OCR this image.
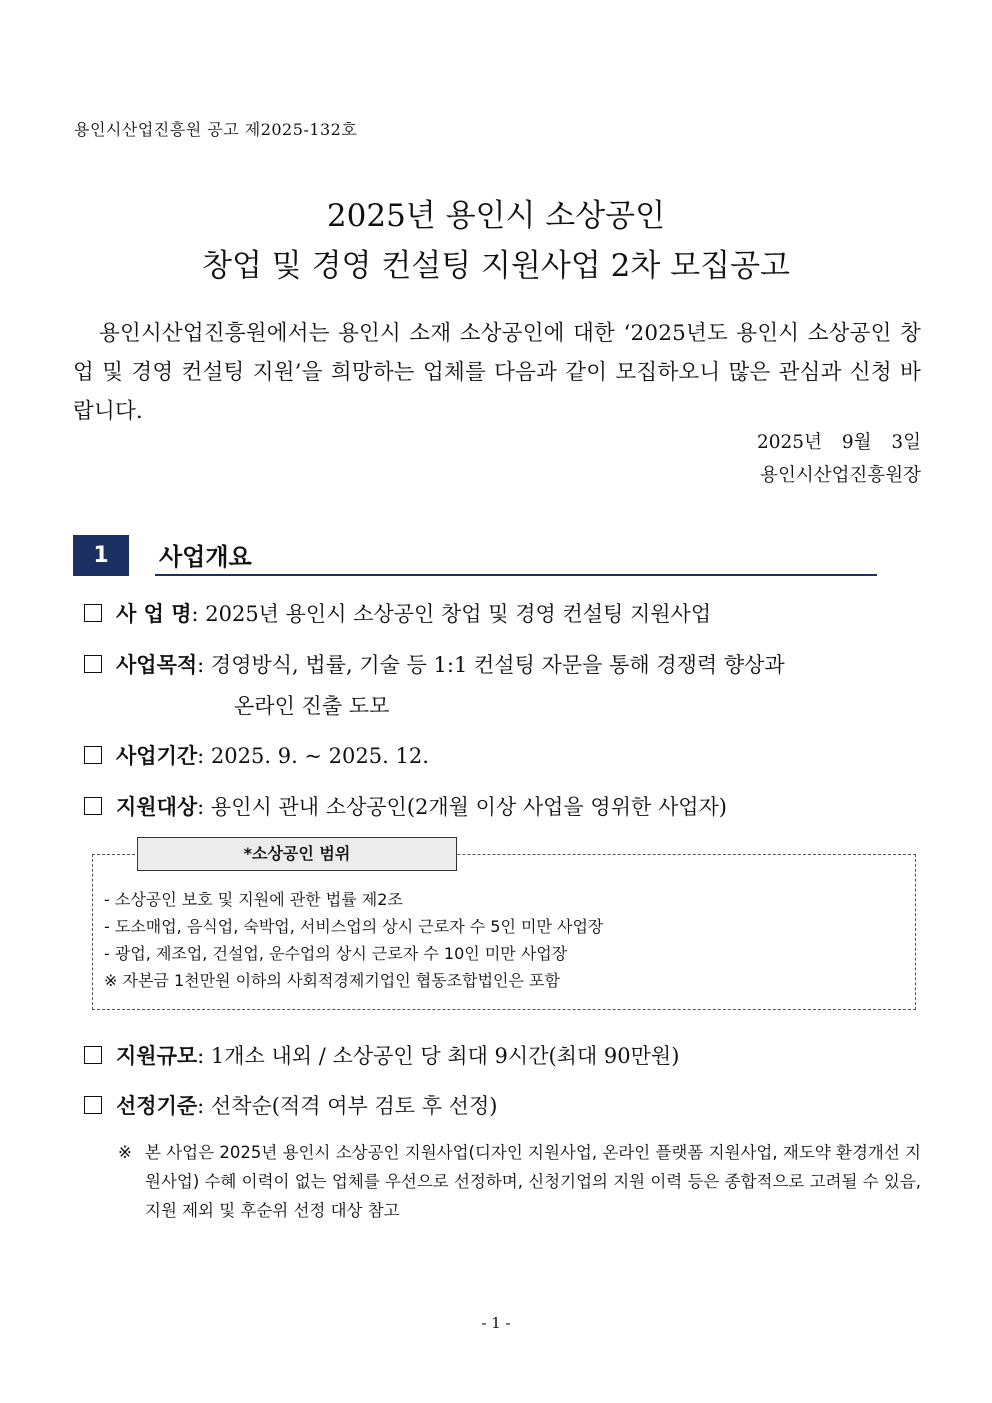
용인시산업진흥원 공고 제2025-132호
2025년 용인시 소상공인
창업 및 경영 컨설팅 지원사업 2차 모집공고
용인시산업진흥원에서는 용인시 소재 소상공인에 대한 ‘2025년도 용인시 소상공인 창업 및 경영 컨설팅 지원’을 희망하는 업체를 다음과 같이 모집하오니 많은 관심과 신청 바랍니다.
2025년 9월 3일
용인시산업진흥원장
1	사업개요
사 업 명: 2025년 용인시 소상공인 창업 및 경영 컨설팅 지원사업
사업목적: 경영방식, 법률, 기술 등 1:1 컨설팅 자문을 통해 경쟁력 향상과
온라인 진출 도모
사업기간: 2025. 9. ~ 2025. 12.
지원대상: 용인시 관내 소상공인(2개월 이상 사업을 영위한 사업자)
*소상공인 범위
- 소상공인 보호 및 지원에 관한 법률 제2조
- 도소매업, 음식업, 숙박업, 서비스업의 상시 근로자 수 5인 미만 사업장
- 광업, 제조업, 건설업, 운수업의 상시 근로자 수 10인 미만 사업장
※ 자본금 1천만원 이하의 사회적경제기업인 협동조합법인은 포함
지원규모: 1개소 내외 / 소상공인 당 최대 9시간(최대 90만원)
선정기준: 선착순(적격 여부 검토 후 선정)
※ 본 사업은 2025년 용인시 소상공인 지원사업(디자인 지원사업, 온라인 플랫폼 지원사업, 재도약 환경개선 지원사업) 수혜 이력이 없는 업체를 우선으로 선정하며, 신청기업의 지원 이력 등은 종합적으로 고려될 수 있음, 지원 제외 및 후순위 선정 대상 참고
- 1 -
